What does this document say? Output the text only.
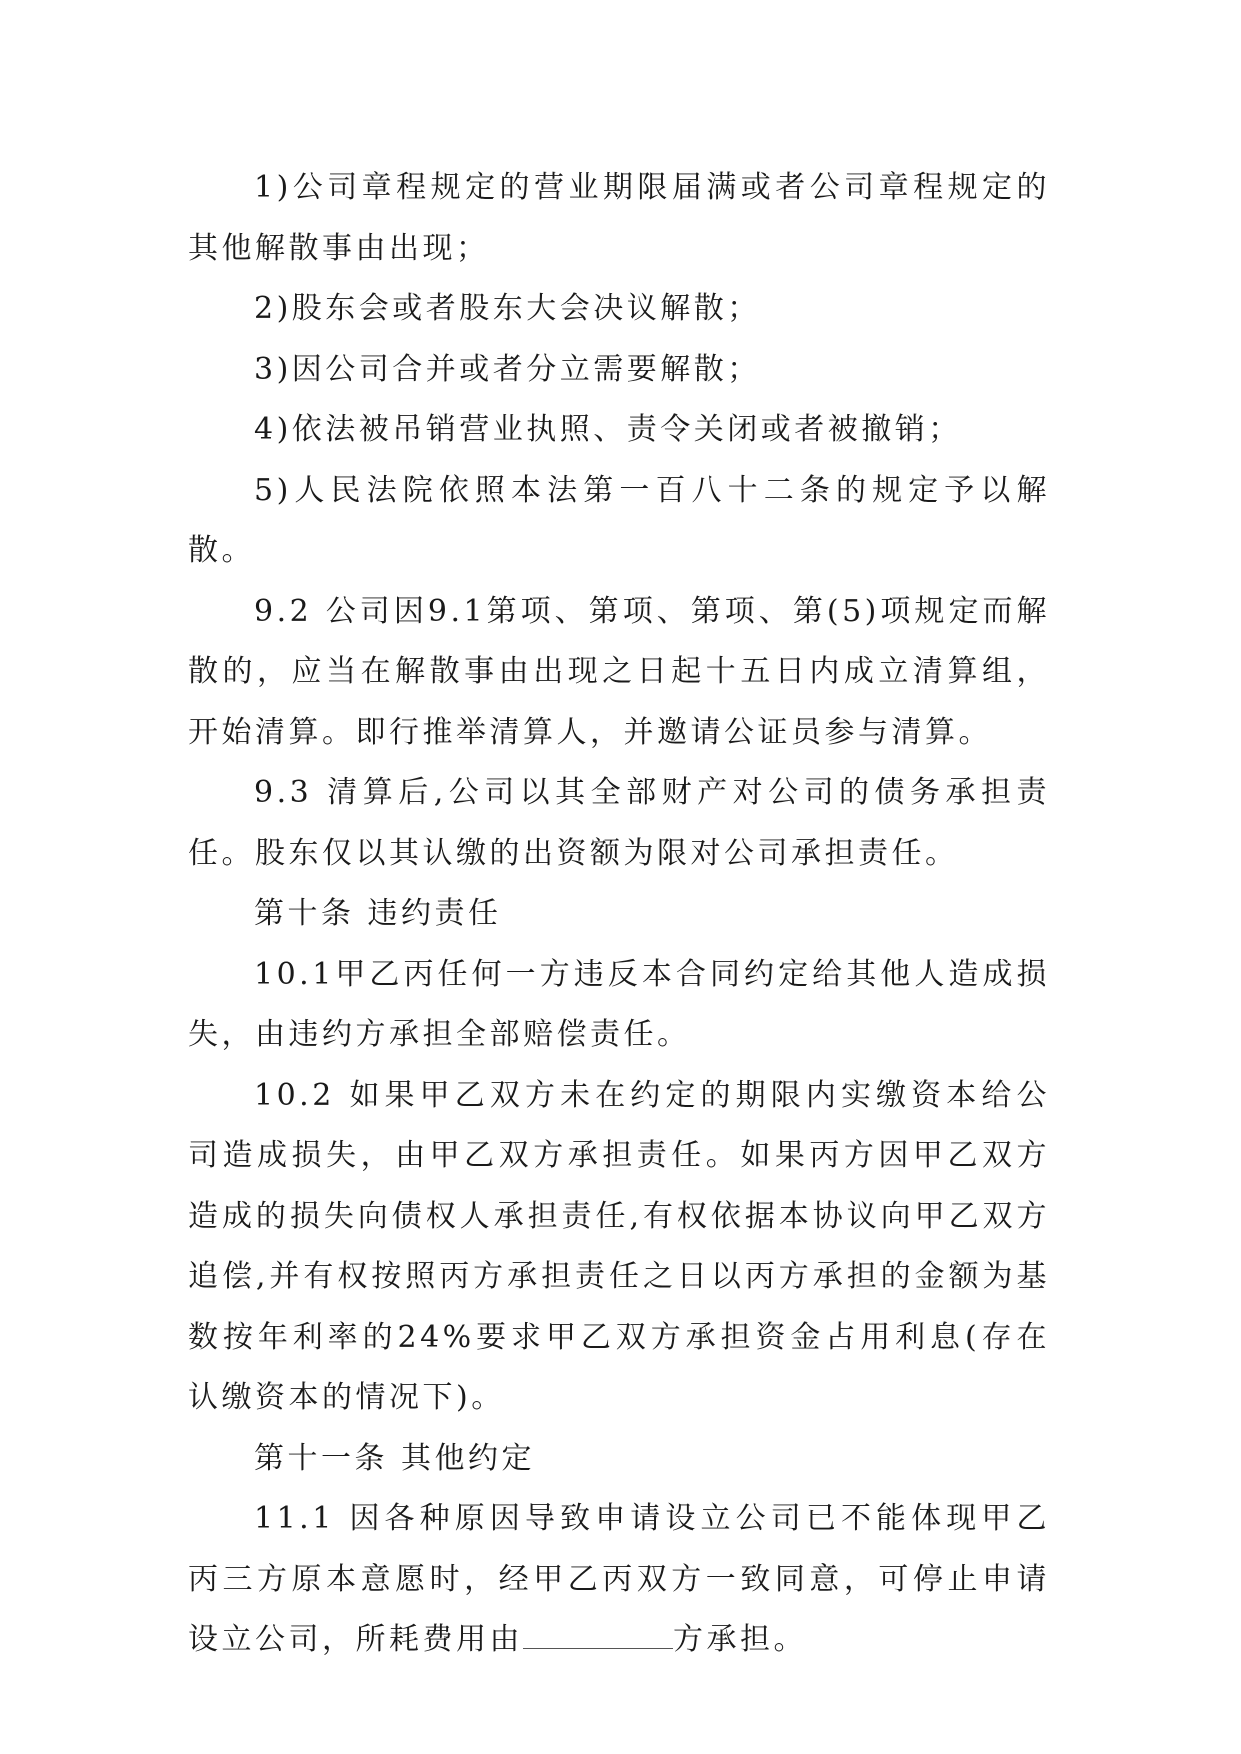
1)公司章程规定的营业期限届满或者公司章程规定的其他解散事由出现；

2)股东会或者股东大会决议解散；

3)因公司合并或者分立需要解散；

4)依法被吊销营业执照、责令关闭或者被撤销；

5)人民法院依照本法第一百八十二条的规定予以解散。

9.2 公司因9.1第项、第项、第项、第(5)项规定而解散的，应当在解散事由出现之日起十五日内成立清算组，开始清算。即行推举清算人，并邀请公证员参与清算。

9.3 清算后,公司以其全部财产对公司的债务承担责任。股东仅以其认缴的出资额为限对公司承担责任。

第十条 违约责任

10.1甲乙丙任何一方违反本合同约定给其他人造成损失，由违约方承担全部赔偿责任。

10.2 如果甲乙双方未在约定的期限内实缴资本给公司造成损失，由甲乙双方承担责任。如果丙方因甲乙双方造成的损失向债权人承担责任,有权依据本协议向甲乙双方追偿,并有权按照丙方承担责任之日以丙方承担的金额为基数按年利率的24%要求甲乙双方承担资金占用利息(存在认缴资本的情况下)。

第十一条 其他约定

11.1 因各种原因导致申请设立公司已不能体现甲乙丙三方原本意愿时，经甲乙丙双方一致同意，可停止申请设立公司，所耗费用由	方承担。
